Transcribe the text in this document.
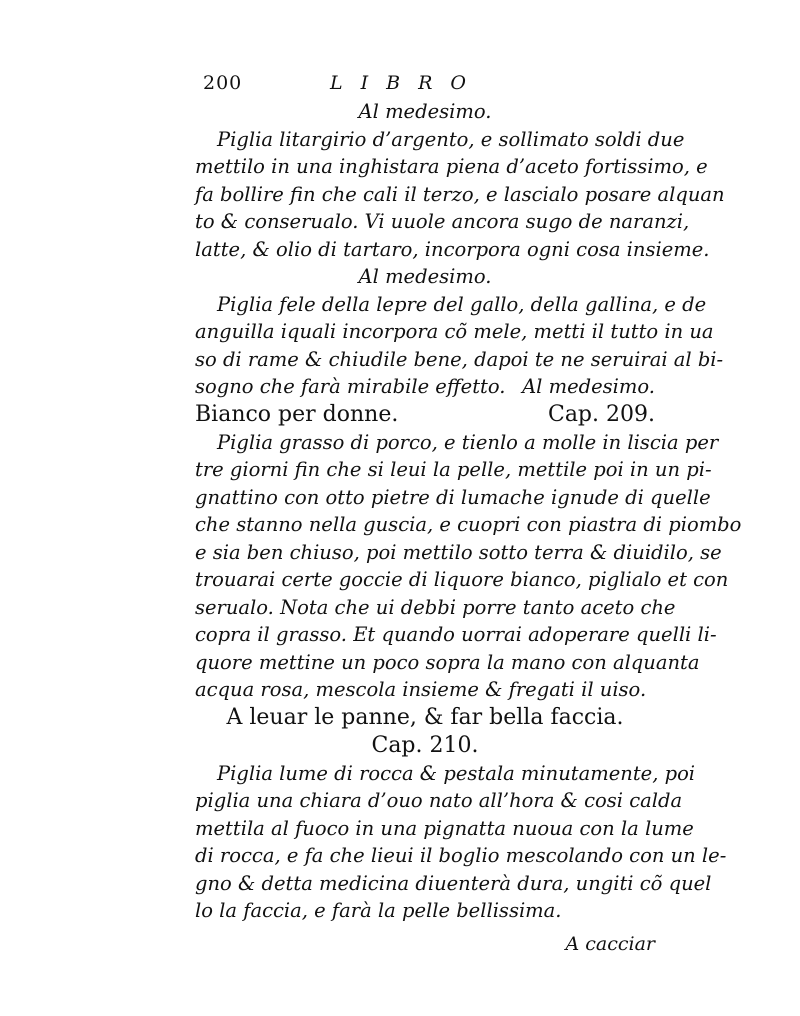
200	LIBRO
Al medesimo.
Piglia litargirio d’argento, e sollimato soldi due
mettilo in una inghistara piena d’aceto fortissimo, e
fa bollire fin che cali il terzo, e lascialo posare alquan
to & conserualo. Vi uuole ancora sugo de naranzi,
latte, & olio di tartaro, incorpora ogni cosa insieme.
Al medesimo.
Piglia fele della lepre del gallo, della gallina, e de
anguilla iquali incorpora cõ mele, metti il tutto in ua
so di rame & chiudile bene, dapoi te ne seruirai al bi-
sogno che farà mirabile effetto. Al medesimo.
Bianco per donne.	Cap. 209.
Piglia grasso di porco, e tienlo a molle in liscia per
tre giorni fin che si leui la pelle, mettile poi in un pi-
gnattino con otto pietre di lumache ignude di quelle
che stanno nella guscia, e cuopri con piastra di piombo
e sia ben chiuso, poi mettilo sotto terra & diuidilo, se
trouarai certe goccie di liquore bianco, piglialo et con
serualo. Nota che ui debbi porre tanto aceto che
copra il grasso. Et quando uorrai adoperare quelli li-
quore mettine un poco sopra la mano con alquanta
acqua rosa, mescola insieme & fregati il uiso.
A leuar le panne, & far bella faccia.
Cap. 210.
Piglia lume di rocca & pestala minutamente, poi
piglia una chiara d’ouo nato all’hora & cosi calda
mettila al fuoco in una pignatta nuoua con la lume
di rocca, e fa che lieui il boglio mescolando con un le-
gno & detta medicina diuenterà dura, ungiti cõ quel
lo la faccia, e farà la pelle bellissima.
A cacciar
